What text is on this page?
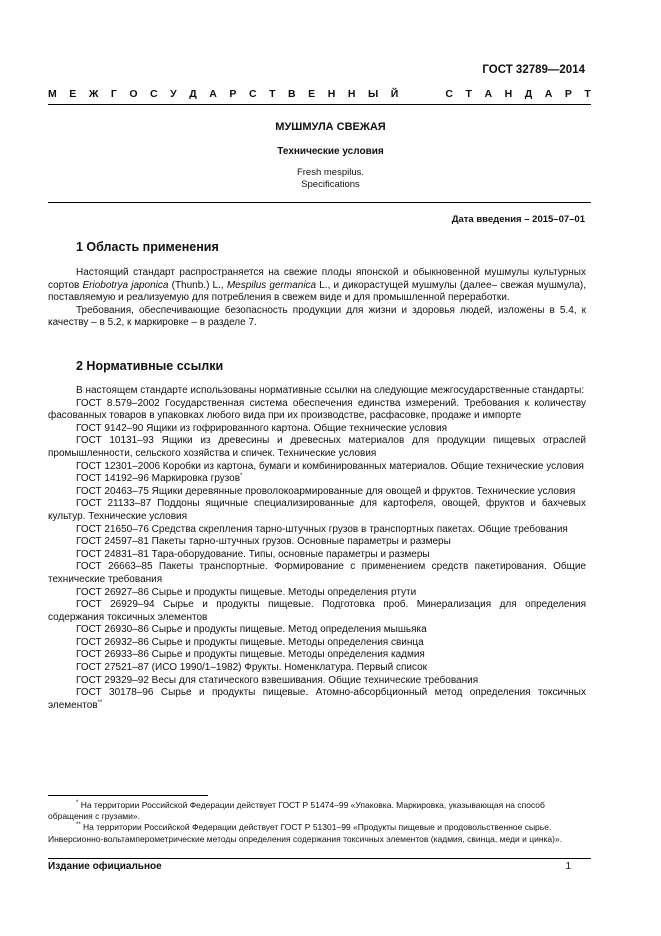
ГОСТ 32789—2014
М Е Ж Г О С У Д А Р С Т В Е Н Н Ы Й	С Т А Н Д А Р Т
МУШМУЛА СВЕЖАЯ
Технические условия
Fresh mespilus.
Specifications
Дата введения – 2015–07–01
1 Область применения

Настоящий стандарт распространяется на свежие плоды японской и обыкновенной мушмулы культурных сортов Eriobotrya japonica (Thunb.) L., Mespilus germanica L., и дикорастущей мушмулы (далее– свежая мушмула), поставляемую и реализуемую для потребления в свежем виде и для промышленной переработки.

Требования, обеспечивающие безопасность продукции для жизни и здоровья людей, изложены в 5.4, к качеству – в 5.2, к маркировке – в разделе 7.

2 Нормативные ссылки

В настоящем стандарте использованы нормативные ссылки на следующие межгосударственные стандарты:

ГОСТ 8.579–2002 Государственная система обеспечения единства измерений. Требования к количеству фасованных товаров в упаковках любого вида при их производстве, расфасовке, продаже и импорте

ГОСТ 9142–90 Ящики из гофрированного картона. Общие технические условия

ГОСТ 10131–93 Ящики из древесины и древесных материалов для продукции пищевых отраслей промышленности, сельского хозяйства и спичек. Технические условия

ГОСТ 12301–2006 Коробки из картона, бумаги и комбинированных материалов. Общие технические условия

ГОСТ 14192–96 Маркировка грузов*

ГОСТ 20463–75 Ящики деревянные проволокоармированные для овощей и фруктов. Технические условия

ГОСТ 21133–87 Поддоны ящичные специализированные для картофеля, овощей, фруктов и бахчевых культур. Технические условия

ГОСТ 21650–76 Средства скрепления тарно-штучных грузов в транспортных пакетах. Общие требования

ГОСТ 24597–81 Пакеты тарно-штучных грузов. Основные параметры и размеры

ГОСТ 24831–81 Тара-оборудование. Типы, основные параметры и размеры

ГОСТ 26663–85 Пакеты транспортные. Формирование с применением средств пакетирования. Общие технические требования

ГОСТ 26927–86 Сырье и продукты пищевые. Методы определения ртути

ГОСТ 26929–94 Сырье и продукты пищевые. Подготовка проб. Минерализация для определения содержания токсичных элементов

ГОСТ 26930–86 Сырье и продукты пищевые. Метод определения мышьяка

ГОСТ 26932–86 Сырье и продукты пищевые. Методы определения свинца

ГОСТ 26933–86 Сырье и продукты пищевые. Методы определения кадмия

ГОСТ 27521–87 (ИСО 1990/1–1982) Фрукты. Номенклатура. Первый список

ГОСТ 29329–92 Весы для статического взвешивания. Общие технические требования

ГОСТ 30178–96 Сырье и продукты пищевые. Атомно-абсорбционный метод определения токсичных элементов**

* На территории Российской Федерации действует ГОСТ Р 51474–99 «Упаковка. Маркировка, указывающая на способ обращения с грузами».

** На территории Российской Федерации действует ГОСТ Р 51301–99 «Продукты пищевые и продовольственное сырье. Инверсионно-вольтамперометрические методы определения содержания токсичных элементов (кадмия, свинца, меди и цинка)».

Издание официальное	1
